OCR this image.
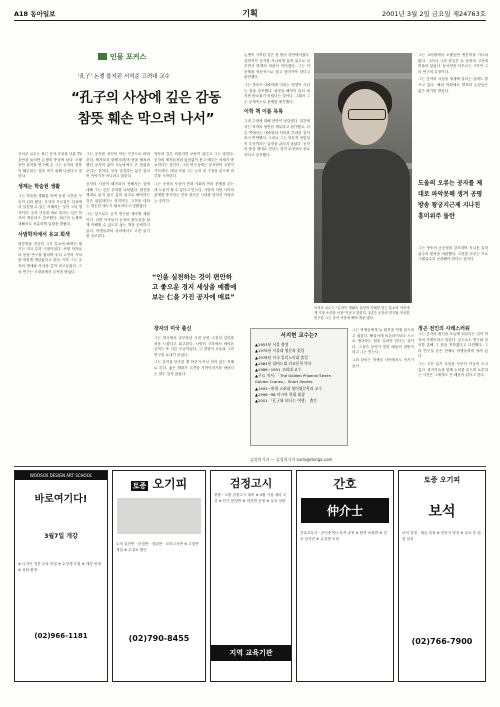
A18 동아일보	기획	2001년 3월 2일 금요일 제24763호
인물 포커스
'孔子' 논쟁 불지핀 서석준 고려대 교수
“孔子의 사상에 깊은 감동
참뜻 훼손 막으려 나서”

서석준 교수는 최근 공자 사상을 다룬 TV 강연을 둘러싼 논쟁의 중심에 섰다. 오랫동안 유학을 연구해 온 그는 공자의 참뜻이 훼손되는 것을 막기 위해 나섰다고 말한다.

생계는 학술원 생활

그는 학술원 생활을 하며 동양 고전을 꾸준히 읽어 왔다. 공자의 가르침은 일상에서 실천할 수 있는 지혜라는 것이 그의 생각이다. 공자 사상을 바로 알리는 일은 학자의 책무라고 강조했다. 최근의 논쟁에 대해서도 차분하게 입장을 밝혔다.

사범학자에서 유교 회색

영문학을 전공한 그가 유교에 빠져든 계기는 미국 유학 시절이었다. 서양 학자들의 동양 연구를 접하며 우리 고전의 가치를 새롭게 깨달았다고 한다. 이후 그는 공자의 생애와 사상을 깊이 파고들었다. 그의 연구는 국내외에서 주목을 받았다.

그는 공자를 성인이 아닌 인간으로 바라본다. 제자들과 함께 떠돌며 뜻을 펼치려 했던 공자의 삶이 오늘날에도 큰 울림을 준다는 것이다. 인을 실천하는 삶은 결코 먼 이야기가 아니라고 말한다.

공자의 사상이 왜곡되어 전해지는 것에 대해 그는 깊은 우려를 나타냈다. 원전을 제대로 읽지 않고 흥미 위주로 해석하는 것은 위험하다는 지적이다. 고전을 대하는 겸손한 태도가 필요하다고 덧붙였다.

그는 앞으로도 공자 연구를 계속할 계획이다. 일반 독자들이 공자의 참모습을 쉽게 이해할 수 있도록 돕는 책을 준비하고 있다. 학생들과의 강의에서도 고전 읽기를 강조한다.

학문의 길은 외롭지만 보람이 있다고 그는 말한다. 공자의 제자들처럼 끊임없이 묻고 배우는 자세가 중요하다는 것이다. 그의 연구실에는 동서양의 고전이 가득하다. 매일 아침 그는 논어 한 구절을 읽으며 하루를 시작한다.

그는 공자의 사상이 현대 사회의 여러 문제를 푸는 데 도움이 될 수 있다고 믿는다. 사람과 사람 사이의 관계를 중시하는 인의 정신은 시대를 넘어선 가치라는 것이다.

“인을 실천하는 것이 편안하고 좋으운 경지 세상을 예쁠에 보는 仁을 가진 공자에 매료”
장자의 미국 출신

그는 미국에서 공부하던 시절 동양 고전의 깊이를 처음 느꼈다고 회고한다. 서양의 시각에서 바라본 공자는 또 다른 모습이었다. 그 경험이 오늘날 그의 연구의 토대가 되었다.

그는 유학을 단순한 옛 학문이 아닌 살아 있는 지혜로 본다. 젊은 세대가 고전을 가까이하기를 바란다는 말도 잊지 않았다.

논쟁이 시작된 것은 한 방송 강연에서였다. 강연자가 공자를 지나치게 흥미 위주로 다루면서 학계의 비판이 이어졌다. 그는 이 문제를 학문적으로 짚고 넘어가야 한다고 판단했다.

그는 방송이 대중에게 미치는 영향이 크다는 점을 강조했다. 잘못된 해석이 널리 퍼지면 바로잡기 어렵다는 것이다. 그래서 그는 공개적으로 문제를 제기했다.

이학 책 이름 목록

그의 주장에 대해 찬반이 엇갈렸다. 일부에서는 학자의 당연한 책무라고 평가했고, 다른 쪽에서는 대중화의 의미를 간과한 것이라고 반박했다. 그러나 그는 학문적 엄밀성이 우선이라는 입장을 굽히지 않았다. 공자의 뜻을 제대로 전하는 것이 무엇보다 중요하다고 강조했다.

서석준 교수는 “유학이 생활의 실천적 지혜를 얻는 통로라 자신에게 가장 소중한 사상”이라고 말한다. 1년간 공자의 전기와 저서를 연구한 그는 공자 사상에 빠져 책을 냈다.

그는 고려대에서 오랫동안 영문학을 가르쳐 왔다. 그러나 그의 관심은 늘 동양의 고전에 머물러 있었다. 동서양을 아우르는 시각이 그의 연구의 특징이다.

그는 공자의 사상을 세계에 알리는 일에도 힘쓰고 있다. 해외 학회에서 발표한 논문들은 좋은 평가를 받았다.

도올의 오류는 공자를 제대로 파악못해 생겨 공평방송 왕궁지근제 지나친 흥미위주 돌란

그는 방송의 공공성을 강조하며 지나친 흥미 위주의 편성을 비판했다. 고전을 다루는 프로그램일수록 신중해야 한다는 것이다.

정곤 전인의 사래스러워

그는 공자의 정신을 오늘에 되살리는 일이 학자의 사명이라고 말한다. 앞으로도 연구와 강의를 통해 그 뜻을 전하겠다고 다짐했다. 그의 연구실 문은 언제나 학생들에게 열려 있다.

그는 고전 읽기 모임을 꾸준히 이끌어 오고 있다. 참가자들과 함께 논어를 읽으며 토론하는 시간은 그에게도 큰 배움이 된다고 한다.

서지현 교수는?
▲1953년 서울 출생
▲1975년 서울대 영문과 졸업
▲1978년 미국 일리노이대 졸업
▲1984년 하버드대 비교문학 박사
▲1986~1991 고려대 교수
▲주요 저서: 「The Golden Phoenix Seven Golden Cranes」 Short Stories
▲1992~현재 고려대 영어영문학과 교수
▲1996~98 아시아 학회 회장
▲2001 「孔子와 떠나는 여행」 출간

그는 학생들에게 늘 원전을 직접 읽으라고 권한다. 해설서에 의존하기보다 스스로 생각하는 힘을 길러야 한다는 것이다. 그것이 공자가 말한 배움의 참뜻이라고 그는 믿는다.

그의 강의는 학생들 사이에서도 인기가 높다.

김성미기자 — 김성희기자 sumi@donga.com
WOOSOX DESIGN ART SCHOOL
바로여기다!
3월7일 개강
※ 디자인 전문 교육 과정 ※ 수강생 모집 ※ 개강 안내 ※ 상담 환영
(02)966-1181
토증 오기피
토익 실전반 · 문법반 · 청취반 · 모의고사반 ※ 주말반 개설 ※ 수강료 할인
(02)790-8455
검정고시
중졸 · 고졸 검정고시 대비 ※ 4월 시험 대비 특강 ※ 단기 완성반 ※ 야간반 운영 ※ 무료 상담
지역 교육기관
간호
仲介士
간호조무사 · 공인중개사 자격 과정 ※ 합격 보장반 ※ 전문 강사진 ※ 수강생 모집
토증 오기피
보석
보석 감정 · 세공 과정 ※ 전문가 양성 ※ 수료 후 취업 알선
(02)766-7900
